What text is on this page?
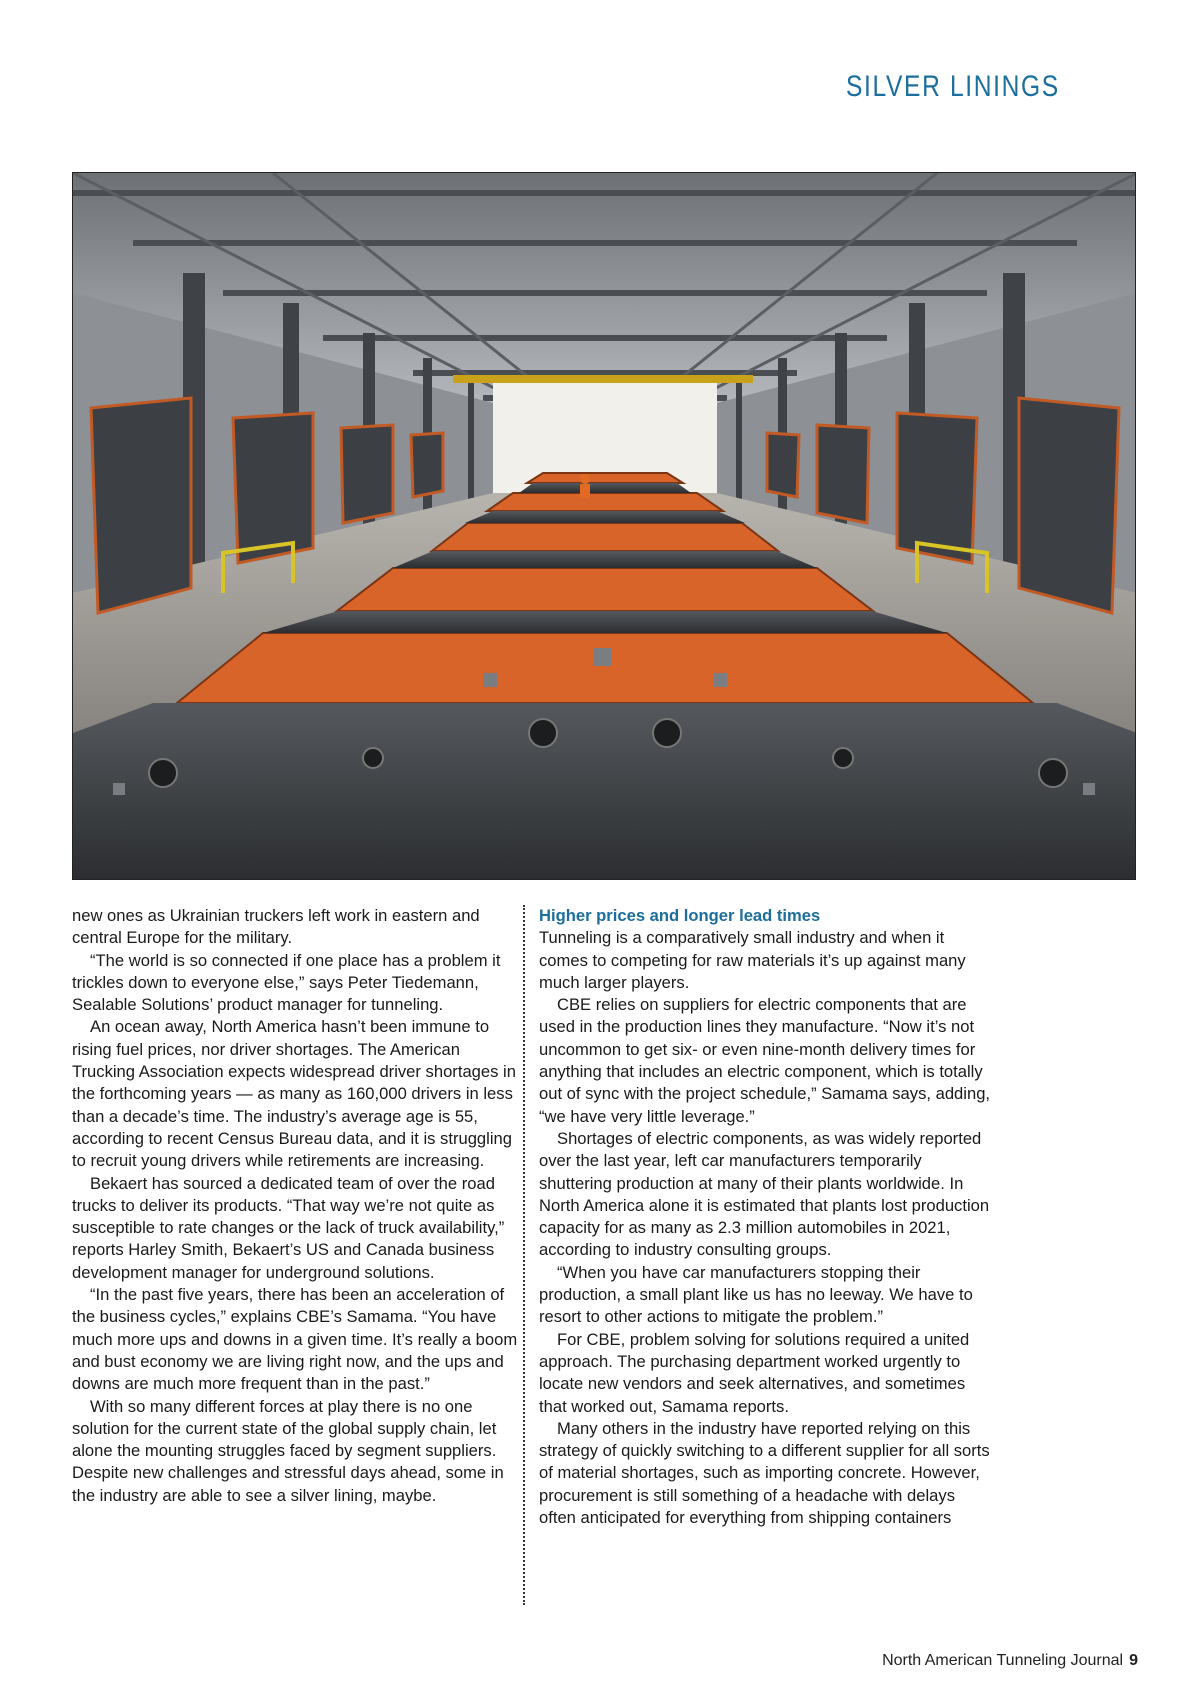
SILVER LININGS

new ones as Ukrainian truckers left work in eastern and central Europe for the military.

“The world is so connected if one place has a problem it trickles down to everyone else,” says Peter Tiedemann, Sealable Solutions’ product manager for tunneling.

An ocean away, North America hasn’t been immune to rising fuel prices, nor driver shortages. The American Trucking Association expects widespread driver shortages in the forthcoming years — as many as 160,000 drivers in less than a decade’s time. The industry’s average age is 55, according to recent Census Bureau data, and it is struggling to recruit young drivers while retirements are increasing.

Bekaert has sourced a dedicated team of over the road trucks to deliver its products. “That way we’re not quite as susceptible to rate changes or the lack of truck availability,” reports Harley Smith, Bekaert’s US and Canada business development manager for underground solutions.

“In the past five years, there has been an acceleration of the business cycles,” explains CBE’s Samama. “You have much more ups and downs in a given time. It’s really a boom and bust economy we are living right now, and the ups and downs are much more frequent than in the past.”

With so many different forces at play there is no one solution for the current state of the global supply chain, let alone the mounting struggles faced by segment suppliers. Despite new challenges and stressful days ahead, some in the industry are able to see a silver lining, maybe.

Higher prices and longer lead times

Tunneling is a comparatively small industry and when it comes to competing for raw materials it’s up against many much larger players.

CBE relies on suppliers for electric components that are used in the production lines they manufacture. “Now it’s not uncommon to get six- or even nine-month delivery times for anything that includes an electric component, which is totally out of sync with the project schedule,” Samama says, adding, “we have very little leverage.”

Shortages of electric components, as was widely reported over the last year, left car manufacturers temporarily shuttering production at many of their plants worldwide. In North America alone it is estimated that plants lost production capacity for as many as 2.3 million automobiles in 2021, according to industry consulting groups.

“When you have car manufacturers stopping their production, a small plant like us has no leeway. We have to resort to other actions to mitigate the problem.”

For CBE, problem solving for solutions required a united approach. The purchasing department worked urgently to locate new vendors and seek alternatives, and sometimes that worked out, Samama reports.

Many others in the industry have reported relying on this strategy of quickly switching to a different supplier for all sorts of material shortages, such as importing concrete. However, procurement is still something of a headache with delays often anticipated for everything from shipping containers

North American Tunneling Journal 9
